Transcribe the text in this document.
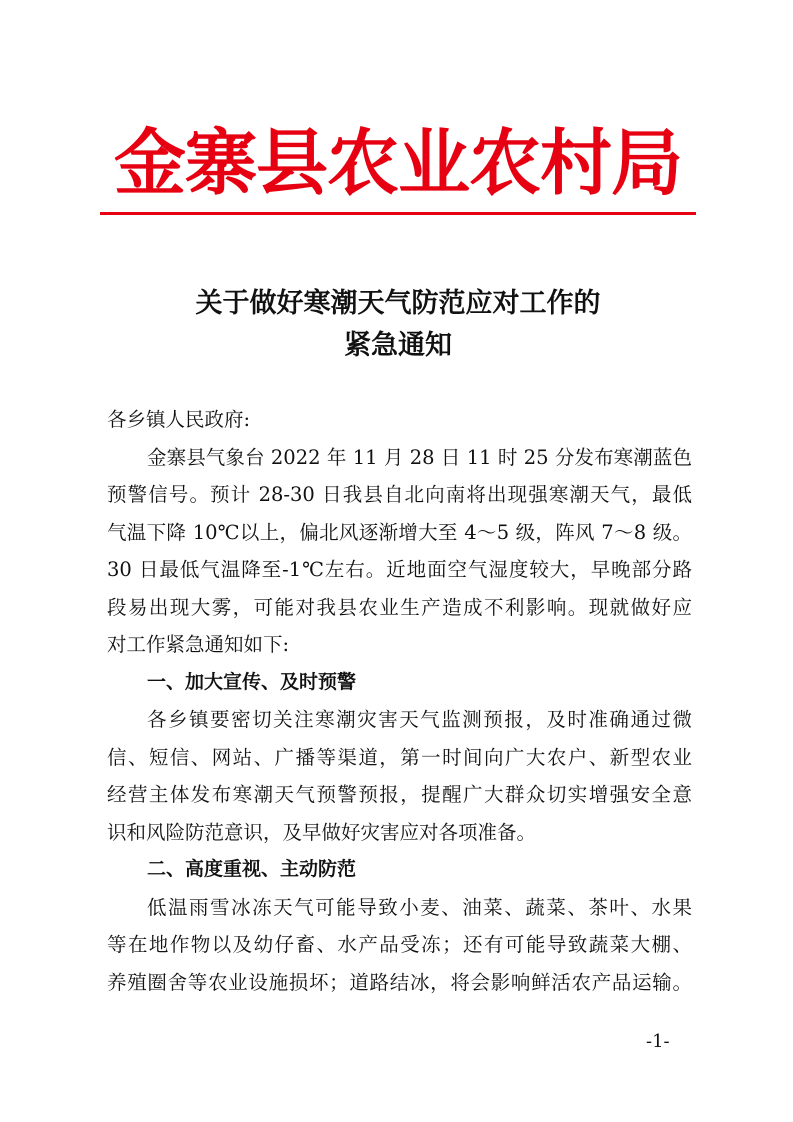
金寨县农业农村局
关于做好寒潮天气防范应对工作的
紧急通知
各乡镇人民政府:
金寨县气象台 2022 年 11 月 28 日 11 时 25 分发布寒潮蓝色
预警信号。预计 28-30 日我县自北向南将出现强寒潮天气，最低
气温下降 10℃以上，偏北风逐渐增大至 4～5 级，阵风 7～8 级。
30 日最低气温降至-1℃左右。近地面空气湿度较大，早晚部分路
段易出现大雾，可能对我县农业生产造成不利影响。现就做好应
对工作紧急通知如下:
一、加大宣传、及时预警
各乡镇要密切关注寒潮灾害天气监测预报，及时准确通过微
信、短信、网站、广播等渠道，第一时间向广大农户、新型农业
经营主体发布寒潮天气预警预报，提醒广大群众切实增强安全意
识和风险防范意识，及早做好灾害应对各项准备。
二、高度重视、主动防范
低温雨雪冰冻天气可能导致小麦、油菜、蔬菜、茶叶、水果
等在地作物以及幼仔畜、水产品受冻；还有可能导致蔬菜大棚、
养殖圈舍等农业设施损坏；道路结冰，将会影响鲜活农产品运输。
-1-
